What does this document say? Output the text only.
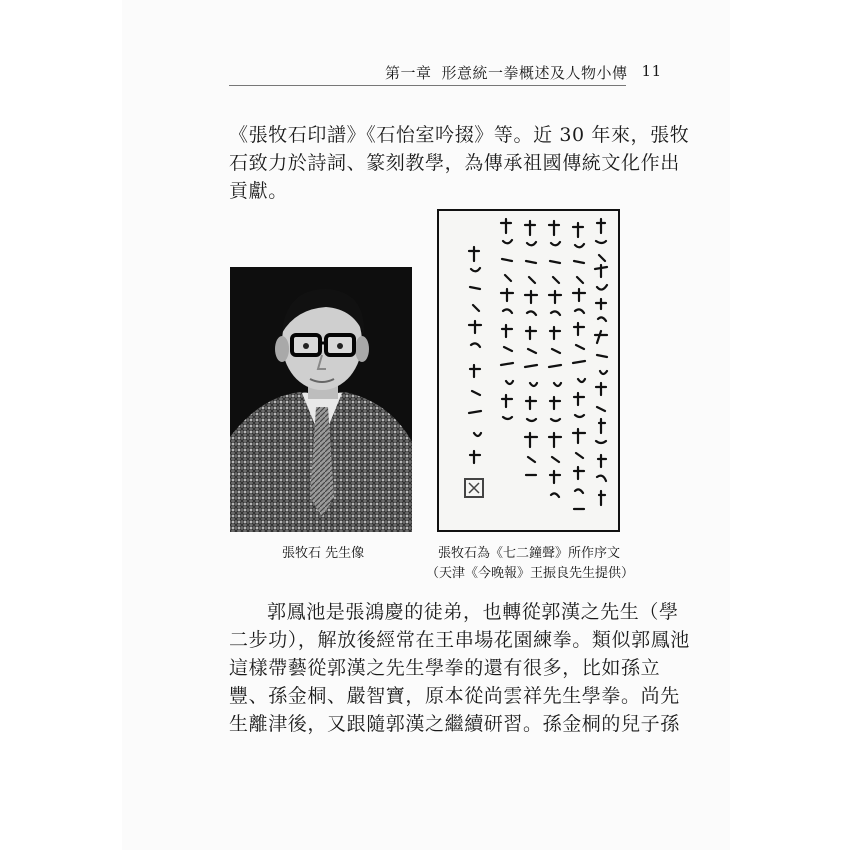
第一章 形意統一拳概述及人物小傳 11
《張牧石印譜》《石怡室吟掇》等。近 30 年來，張牧
石致力於詩詞、篆刻教學，為傳承祖國傳統文化作出
貢獻。
張牧石 先生像	張牧石為《七二鐘聲》所作序文
（天津《今晚報》王振良先生提供）
郭鳳池是張鴻慶的徒弟，也轉從郭漢之先生（學
二步功），解放後經常在王串場花園練拳。類似郭鳳池
這樣帶藝從郭漢之先生學拳的還有很多，比如孫立
豐、孫金桐、嚴智寶，原本從尚雲祥先生學拳。尚先
生離津後，又跟隨郭漢之繼續研習。孫金桐的兒子孫
